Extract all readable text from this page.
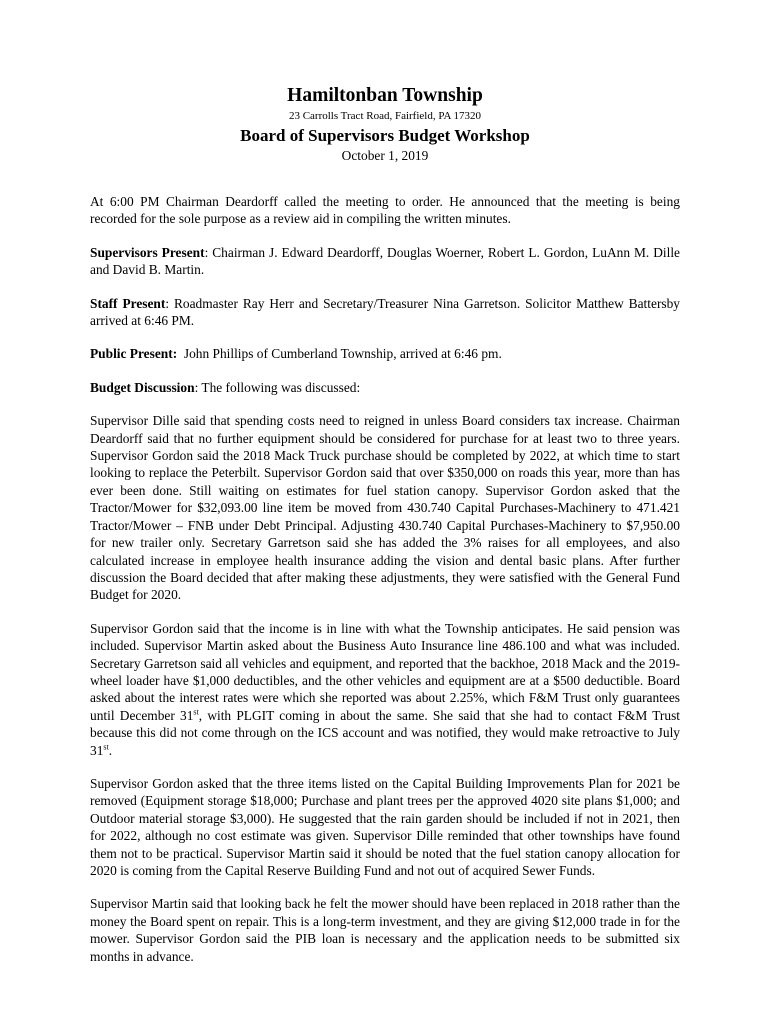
Hamiltonban Township
23 Carrolls Tract Road, Fairfield, PA 17320
Board of Supervisors Budget Workshop
October 1, 2019

At 6:00 PM Chairman Deardorff called the meeting to order. He announced that the meeting is being recorded for the sole purpose as a review aid in compiling the written minutes.

Supervisors Present: Chairman J. Edward Deardorff, Douglas Woerner, Robert L. Gordon, LuAnn M. Dille and David B. Martin.

Staff Present: Roadmaster Ray Herr and Secretary/Treasurer Nina Garretson. Solicitor Matthew Battersby arrived at 6:46 PM.

Public Present:  John Phillips of Cumberland Township, arrived at 6:46 pm.

Budget Discussion: The following was discussed:

Supervisor Dille said that spending costs need to reigned in unless Board considers tax increase. Chairman Deardorff said that no further equipment should be considered for purchase for at least two to three years. Supervisor Gordon said the 2018 Mack Truck purchase should be completed by 2022, at which time to start looking to replace the Peterbilt. Supervisor Gordon said that over $350,000 on roads this year, more than has ever been done. Still waiting on estimates for fuel station canopy. Supervisor Gordon asked that the Tractor/Mower for $32,093.00 line item be moved from 430.740 Capital Purchases-Machinery to 471.421 Tractor/Mower – FNB under Debt Principal. Adjusting 430.740 Capital Purchases-Machinery to $7,950.00 for new trailer only. Secretary Garretson said she has added the 3% raises for all employees, and also calculated increase in employee health insurance adding the vision and dental basic plans. After further discussion the Board decided that after making these adjustments, they were satisfied with the General Fund Budget for 2020.

Supervisor Gordon said that the income is in line with what the Township anticipates. He said pension was included. Supervisor Martin asked about the Business Auto Insurance line 486.100 and what was included. Secretary Garretson said all vehicles and equipment, and reported that the backhoe, 2018 Mack and the 2019-wheel loader have $1,000 deductibles, and the other vehicles and equipment are at a $500 deductible. Board asked about the interest rates were which she reported was about 2.25%, which F&M Trust only guarantees until December 31st, with PLGIT coming in about the same. She said that she had to contact F&M Trust because this did not come through on the ICS account and was notified, they would make retroactive to July 31st.

Supervisor Gordon asked that the three items listed on the Capital Building Improvements Plan for 2021 be removed (Equipment storage $18,000; Purchase and plant trees per the approved 4020 site plans $1,000; and Outdoor material storage $3,000). He suggested that the rain garden should be included if not in 2021, then for 2022, although no cost estimate was given. Supervisor Dille reminded that other townships have found them not to be practical. Supervisor Martin said it should be noted that the fuel station canopy allocation for 2020 is coming from the Capital Reserve Building Fund and not out of acquired Sewer Funds.

Supervisor Martin said that looking back he felt the mower should have been replaced in 2018 rather than the money the Board spent on repair. This is a long-term investment, and they are giving $12,000 trade in for the mower. Supervisor Gordon said the PIB loan is necessary and the application needs to be submitted six months in advance.
